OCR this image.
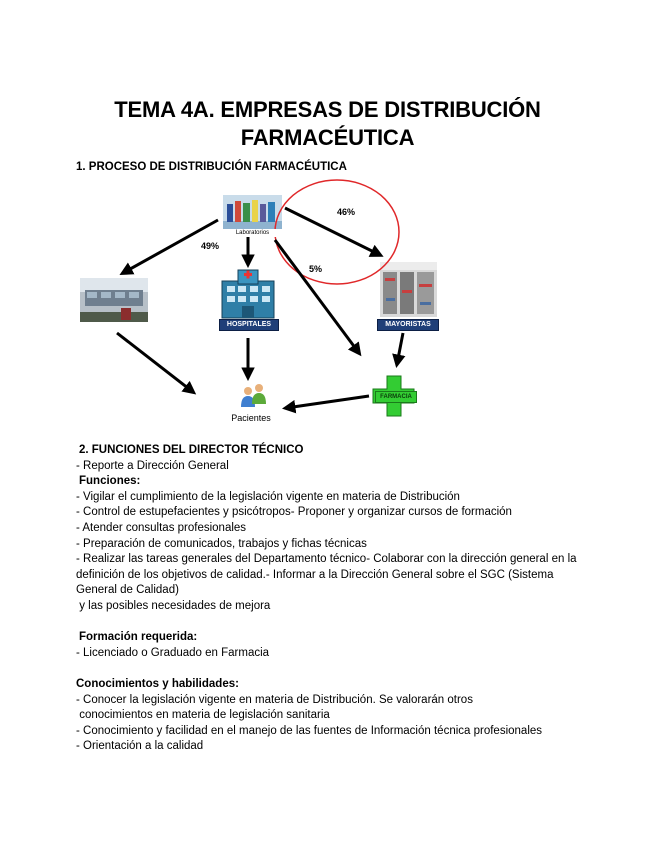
TEMA 4A. EMPRESAS DE DISTRIBUCIÓN
FARMACÉUTICA
1. PROCESO DE DISTRIBUCIÓN FARMACÉUTICA
49%
46%
5%
Laboratorios
HOSPITALES	MAYORISTAS
FARMACIA
Pacientes
2. FUNCIONES DEL DIRECTOR TÉCNICO
- Reporte a Dirección General
Funciones:
- Vigilar el cumplimiento de la legislación vigente en materia de Distribución
- Control de estupefacientes y psicótropos- Proponer y organizar cursos de formación
- Atender consultas profesionales
- Preparación de comunicados, trabajos y fichas técnicas
- Realizar las tareas generales del Departamento técnico- Colaborar con la dirección general en la definición de los objetivos de calidad.- Informar a la Dirección General sobre el SGC (Sistema General de Calidad)
y las posibles necesidades de mejora
Formación requerida:
- Licenciado o Graduado en Farmacia
Conocimientos y habilidades:
- Conocer la legislación vigente en materia de Distribución. Se valorarán otros
conocimientos en materia de legislación sanitaria
- Conocimiento y facilidad en el manejo de las fuentes de Información técnica profesionales
- Orientación a la calidad
